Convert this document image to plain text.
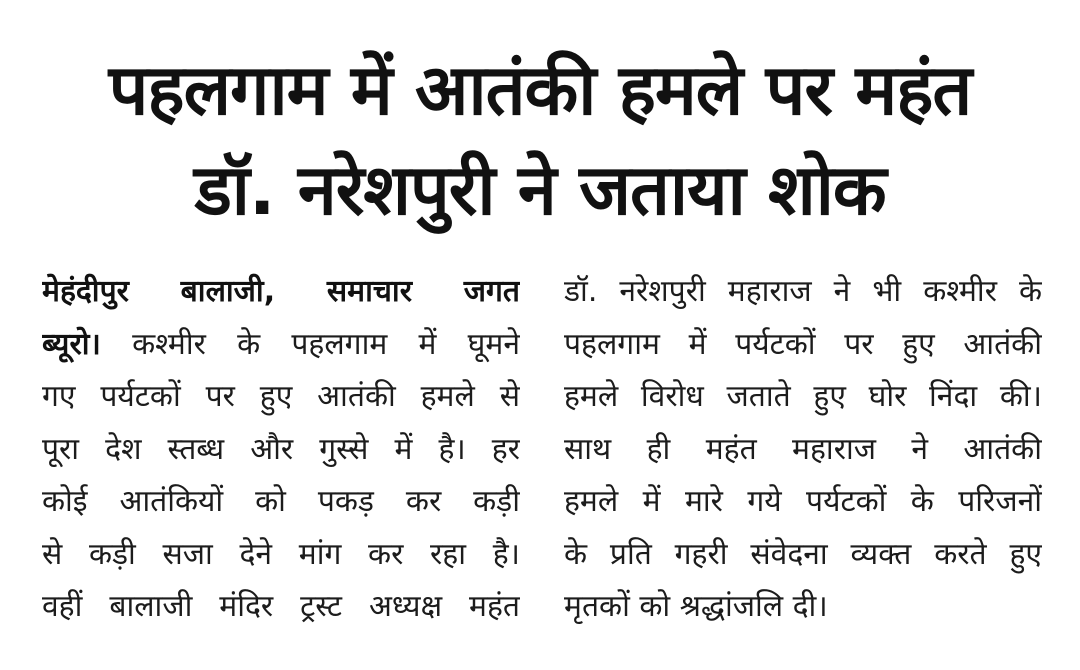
पहलगाम में आतंकी हमले पर महंत
डॉ. नरेशपुरी ने जताया शोक
मेहंदीपुर बालाजी, समाचार जगत
ब्यूरो। कश्मीर के पहलगाम में घूमने
गए पर्यटकों पर हुए आतंकी हमले से
पूरा देश स्तब्ध और गुस्से में है। हर
कोई आतंकियों को पकड़ कर कड़ी
से कड़ी सजा देने मांग कर रहा है।
वहीं बालाजी मंदिर ट्रस्ट अध्यक्ष महंत
डॉ. नरेशपुरी महाराज ने भी कश्मीर के
पहलगाम में पर्यटकों पर हुए आतंकी
हमले विरोध जताते हुए घोर निंदा की।
साथ ही महंत महाराज ने आतंकी
हमले में मारे गये पर्यटकों के परिजनों
के प्रति गहरी संवेदना व्यक्त करते हुए
मृतकों को श्रद्धांजलि दी।
